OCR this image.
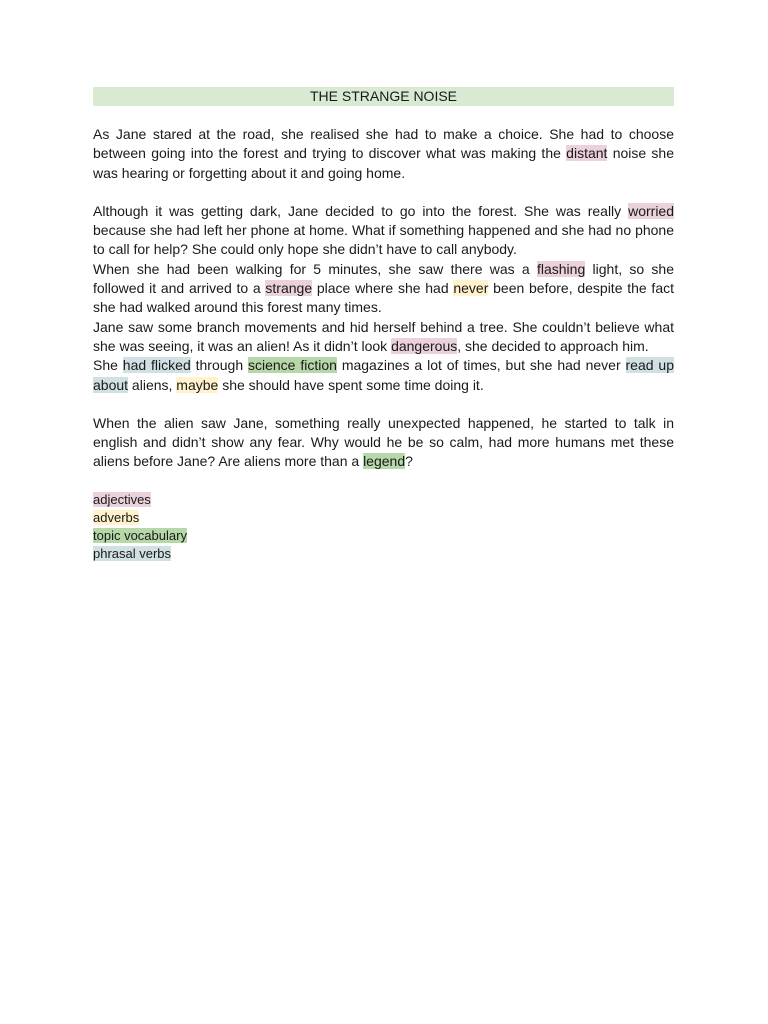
THE STRANGE NOISE

As Jane stared at the road, she realised she had to make a choice. She had to choose between going into the forest and trying to discover what was making the distant noise she was hearing or forgetting about it and going home.

Although it was getting dark, Jane decided to go into the forest. She was really worried because she had left her phone at home. What if something happened and she had no phone to call for help? She could only hope she didn’t have to call anybody.

When she had been walking for 5 minutes, she saw there was a flashing light, so she followed it and arrived to a strange place where she had never been before, despite the fact she had walked around this forest many times.

Jane saw some branch movements and hid herself behind a tree. She couldn’t believe what she was seeing, it was an alien! As it didn’t look dangerous, she decided to approach him.

She had flicked through science fiction magazines a lot of times, but she had never read up about aliens, maybe she should have spent some time doing it.

When the alien saw Jane, something really unexpected happened, he started to talk in english and didn’t show any fear. Why would he be so calm, had more humans met these aliens before Jane? Are aliens more than a legend?

adjectives
adverbs
topic vocabulary
phrasal verbs
